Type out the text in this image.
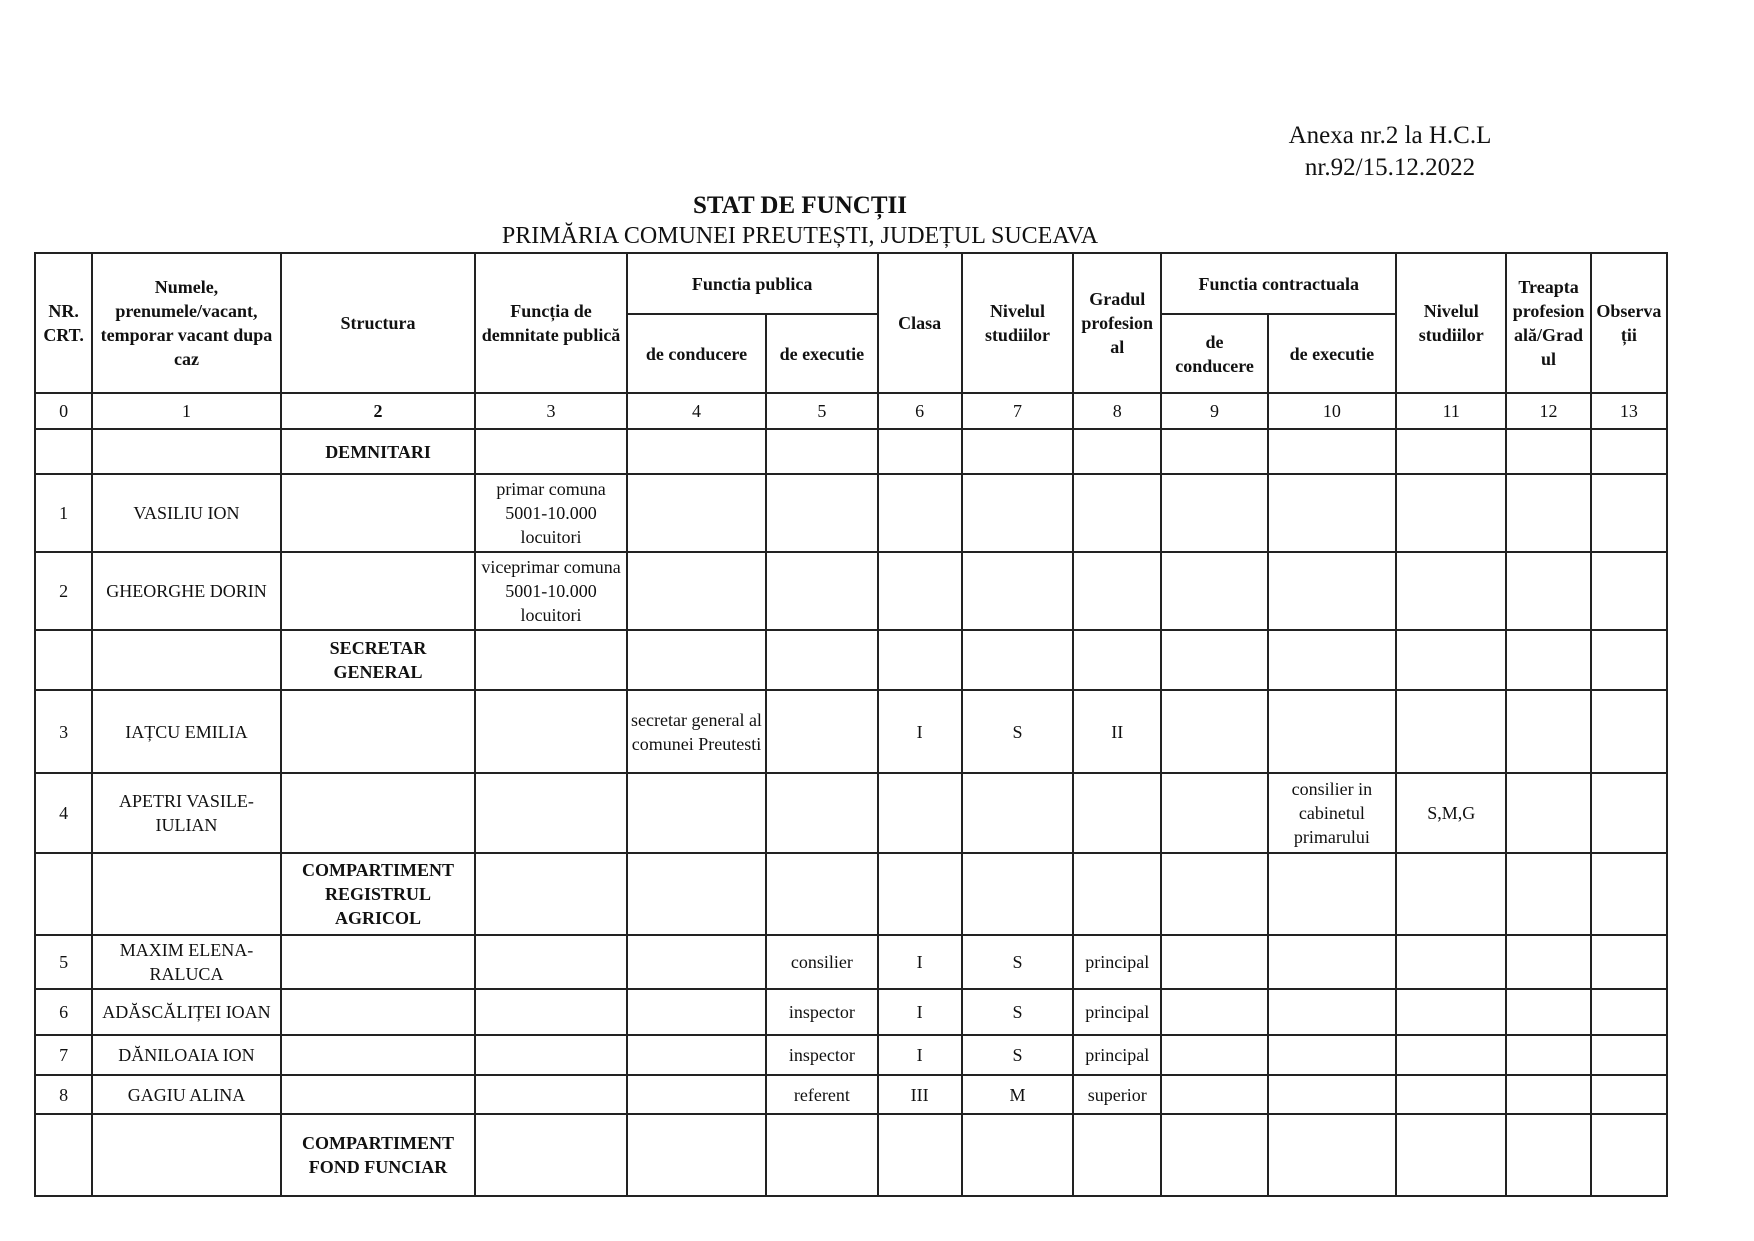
Anexa nr.2 la H.C.L
nr.92/15.12.2022
STAT DE FUNCȚII
PRIMĂRIA COMUNEI PREUTEȘTI, JUDEȚUL SUCEAVA
NR. CRT.	Numele, prenumele/vacant, temporar vacant dupa caz	Structura	Funcția de demnitate publică	Functia publica		Clasa	Nivelul studiilor	Gradul profesion al	Functia contractuala		Nivelul studiilor	Treapta profesion ală/Grad ul	Observa ții
				de conducere	de executie				de conducere	de executie			
0	1	2	3	4	5	6	7	8	9	10	11	12	13
		DEMNITARI											
1	VASILIU ION		primar comuna 5001-10.000 locuitori										
2	GHEORGHE DORIN		viceprimar comuna 5001-10.000 locuitori										
		SECRETAR GENERAL											
3	IAȚCU EMILIA			secretar general al comunei Preutesti		I	S	II					
4	APETRI VASILE-IULIAN									consilier in cabinetul primarului	S,M,G		
		COMPARTIMENT REGISTRUL AGRICOL											
5	MAXIM ELENA-RALUCA				consilier	I	S	principal					
6	ADĂSCĂLIȚEI IOAN				inspector	I	S	principal					
7	DĂNILOAIA ION				inspector	I	S	principal					
8	GAGIU ALINA				referent	III	M	superior					
		COMPARTIMENT FOND FUNCIAR											
